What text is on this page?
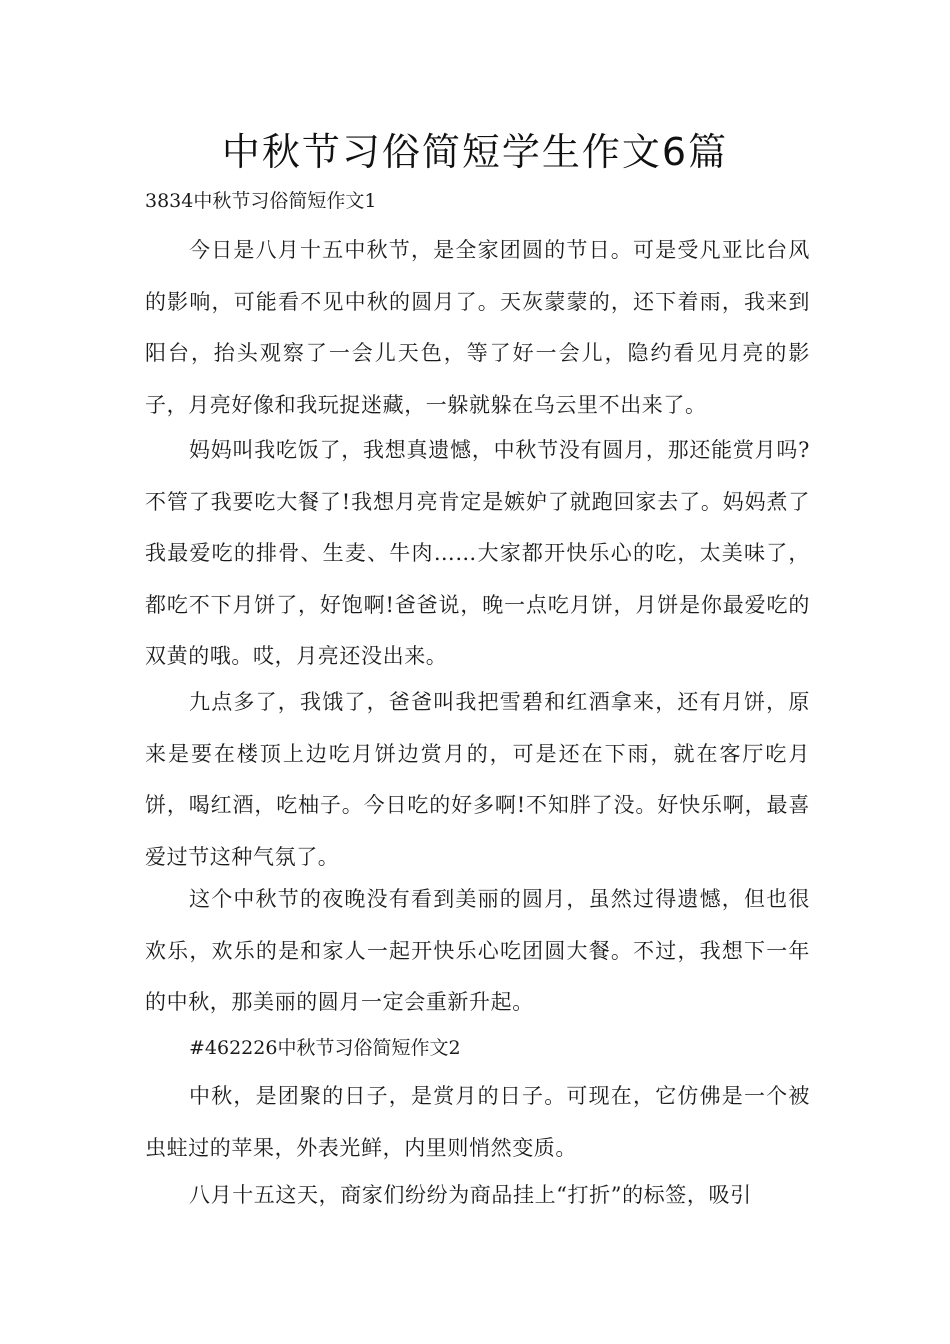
中秋节习俗简短学生作文6篇
3834中秋节习俗简短作文1

今日是八月十五中秋节，是全家团圆的节日。可是受凡亚比台风的影响，可能看不见中秋的圆月了。天灰蒙蒙的，还下着雨，我来到阳台，抬头观察了一会儿天色，等了好一会儿，隐约看见月亮的影子，月亮好像和我玩捉迷藏，一躲就躲在乌云里不出来了。

妈妈叫我吃饭了，我想真遗憾，中秋节没有圆月，那还能赏月吗?不管了我要吃大餐了!我想月亮肯定是嫉妒了就跑回家去了。妈妈煮了我最爱吃的排骨、生麦、牛肉……大家都开快乐心的吃，太美味了，都吃不下月饼了，好饱啊!爸爸说，晚一点吃月饼，月饼是你最爱吃的双黄的哦。哎，月亮还没出来。

九点多了，我饿了，爸爸叫我把雪碧和红酒拿来，还有月饼，原来是要在楼顶上边吃月饼边赏月的，可是还在下雨，就在客厅吃月饼，喝红酒，吃柚子。今日吃的好多啊!不知胖了没。好快乐啊，最喜爱过节这种气氛了。

这个中秋节的夜晚没有看到美丽的圆月，虽然过得遗憾，但也很欢乐，欢乐的是和家人一起开快乐心吃团圆大餐。不过，我想下一年的中秋，那美丽的圆月一定会重新升起。

#462226中秋节习俗简短作文2

中秋，是团聚的日子，是赏月的日子。可现在，它仿佛是一个被虫蛀过的苹果，外表光鲜，内里则悄然变质。

八月十五这天，商家们纷纷为商品挂上“打折”的标签，吸引
